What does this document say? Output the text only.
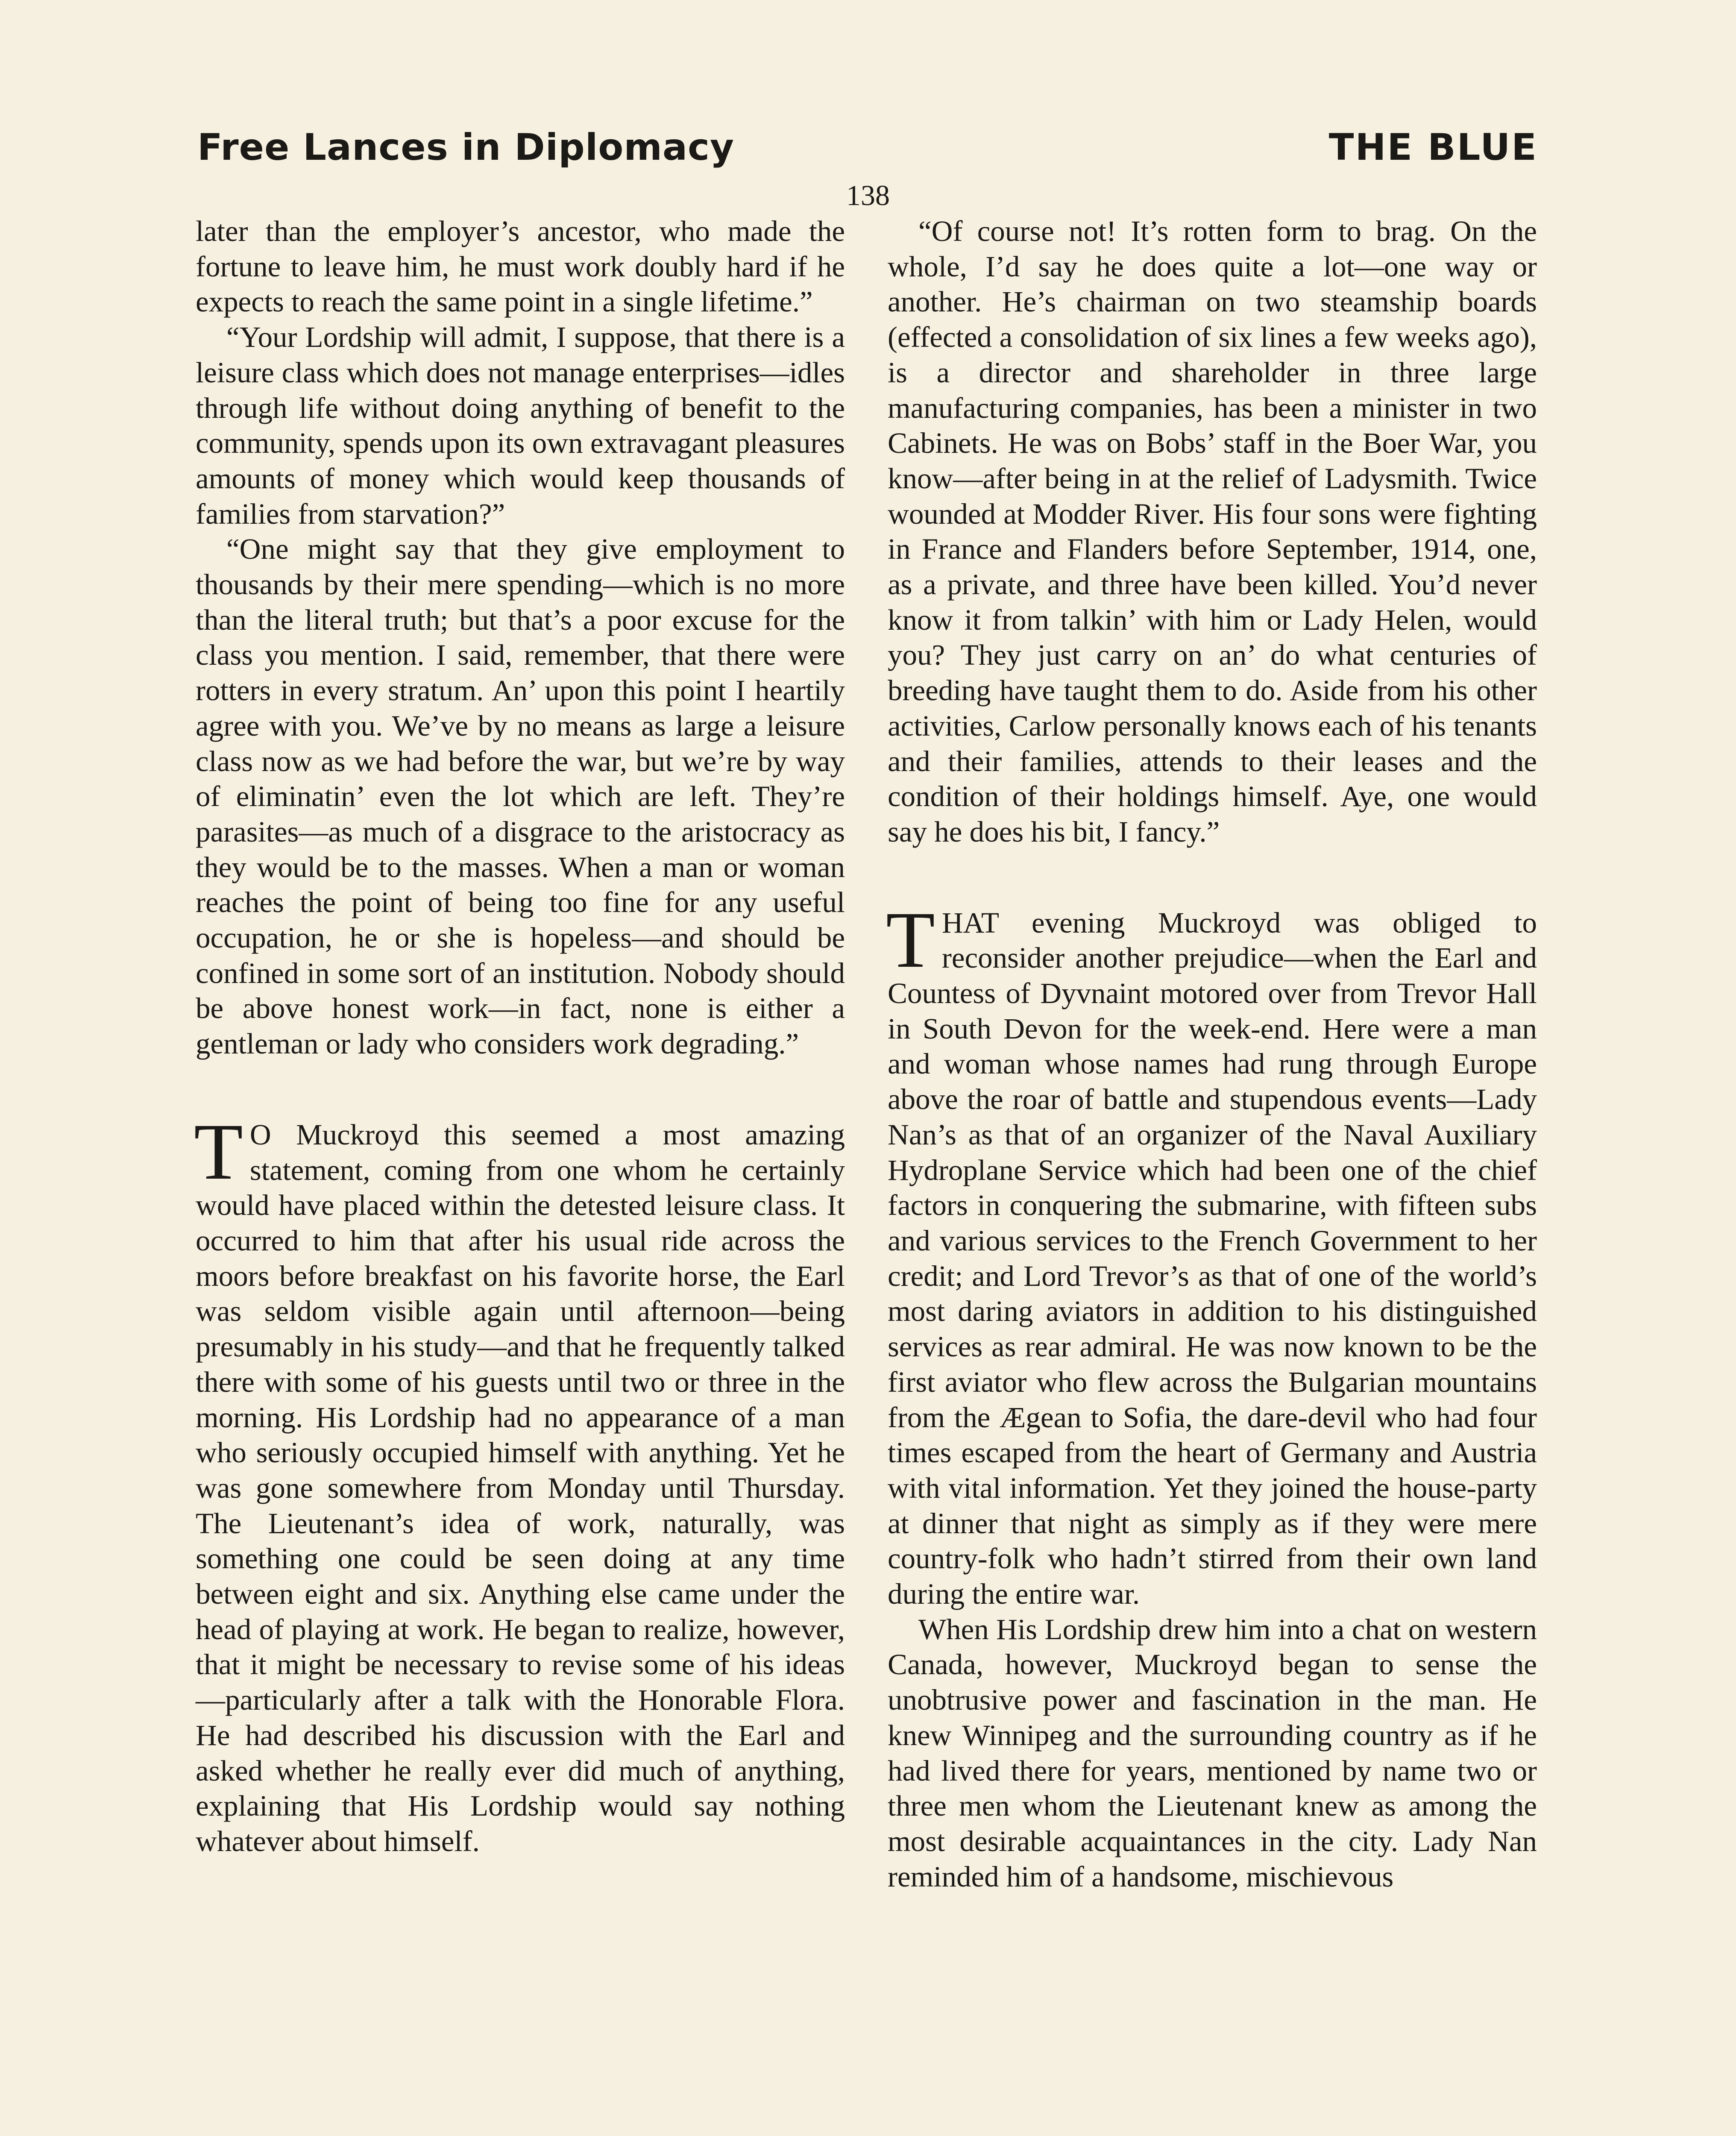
Free Lances in Diplomacy	THE BLUE
138

later than the employer’s ancestor, who made the fortune to leave him, he must work doubly hard if he expects to reach the same point in a single lifetime.”

“Your Lordship will admit, I suppose, that there is a leisure class which does not manage enterprises—idles through life without doing anything of benefit to the community, spends upon its own extravagant pleasures amounts of money which would keep thousands of families from starvation?”

“One might say that they give employment to thousands by their mere spending—which is no more than the literal truth; but that’s a poor excuse for the class you mention. I said, remember, that there were rotters in every stratum. An’ upon this point I heartily agree with you. We’ve by no means as large a leisure class now as we had before the war, but we’re by way of eliminatin’ even the lot which are left. They’re parasites—as much of a disgrace to the aristocracy as they would be to the masses. When a man or woman reaches the point of being too fine for any useful occupation, he or she is hopeless—and should be confined in some sort of an institution. Nobody should be above honest work—in fact, none is either a gentleman or lady who considers work degrading.”

T O Muckroyd this seemed a most amazing statement, coming from one whom he certainly would have placed within the detested leisure class. It occurred to him that after his usual ride across the moors before breakfast on his favorite horse, the Earl was seldom visible again until afternoon—being presumably in his study—and that he frequently talked there with some of his guests until two or three in the morning. His Lordship had no appearance of a man who seriously occupied himself with anything. Yet he was gone somewhere from Monday until Thursday. The Lieutenant’s idea of work, naturally, was something one could be seen doing at any time between eight and six. Anything else came under the head of playing at work. He began to realize, however, that it might be necessary to revise some of his ideas—particularly after a talk with the Honorable Flora. He had described his discussion with the Earl and asked whether he really ever did much of anything, explaining that His Lordship would say nothing whatever about himself.

“Of course not! It’s rotten form to brag. On the whole, I’d say he does quite a lot—one way or another. He’s chairman on two steamship boards (effected a consolidation of six lines a few weeks ago), is a director and shareholder in three large manufacturing companies, has been a minister in two Cabinets. He was on Bobs’ staff in the Boer War, you know—after being in at the relief of Ladysmith. Twice wounded at Modder River. His four sons were fighting in France and Flanders before September, 1914, one, as a private, and three have been killed. You’d never know it from talkin’ with him or Lady Helen, would you? They just carry on an’ do what centuries of breeding have taught them to do. Aside from his other activities, Carlow personally knows each of his tenants and their families, attends to their leases and the condition of their holdings himself. Aye, one would say he does his bit, I fancy.”

THAT evening Muckroyd was obliged to reconsider another prejudice—when the Earl and Countess of Dyvnaint motored over from Trevor Hall in South Devon for the week-end. Here were a man and woman whose names had rung through Europe above the roar of battle and stupendous events—Lady Nan’s as that of an organizer of the Naval Auxiliary Hydroplane Service which had been one of the chief factors in conquering the submarine, with fifteen subs and various services to the French Government to her credit; and Lord Trevor’s as that of one of the world’s most daring aviators in addition to his distinguished services as rear admiral. He was now known to be the first aviator who flew across the Bulgarian mountains from the Ægean to Sofia, the dare-devil who had four times escaped from the heart of Germany and Austria with vital information. Yet they joined the house-party at dinner that night as simply as if they were mere country-folk who hadn’t stirred from their own land during the entire war.

When His Lordship drew him into a chat on western Canada, however, Muckroyd began to sense the unobtrusive power and fascination in the man. He knew Winnipeg and the surrounding country as if he had lived there for years, mentioned by name two or three men whom the Lieutenant knew as among the most desirable acquaintances in the city. Lady Nan reminded him of a handsome, mischievous
